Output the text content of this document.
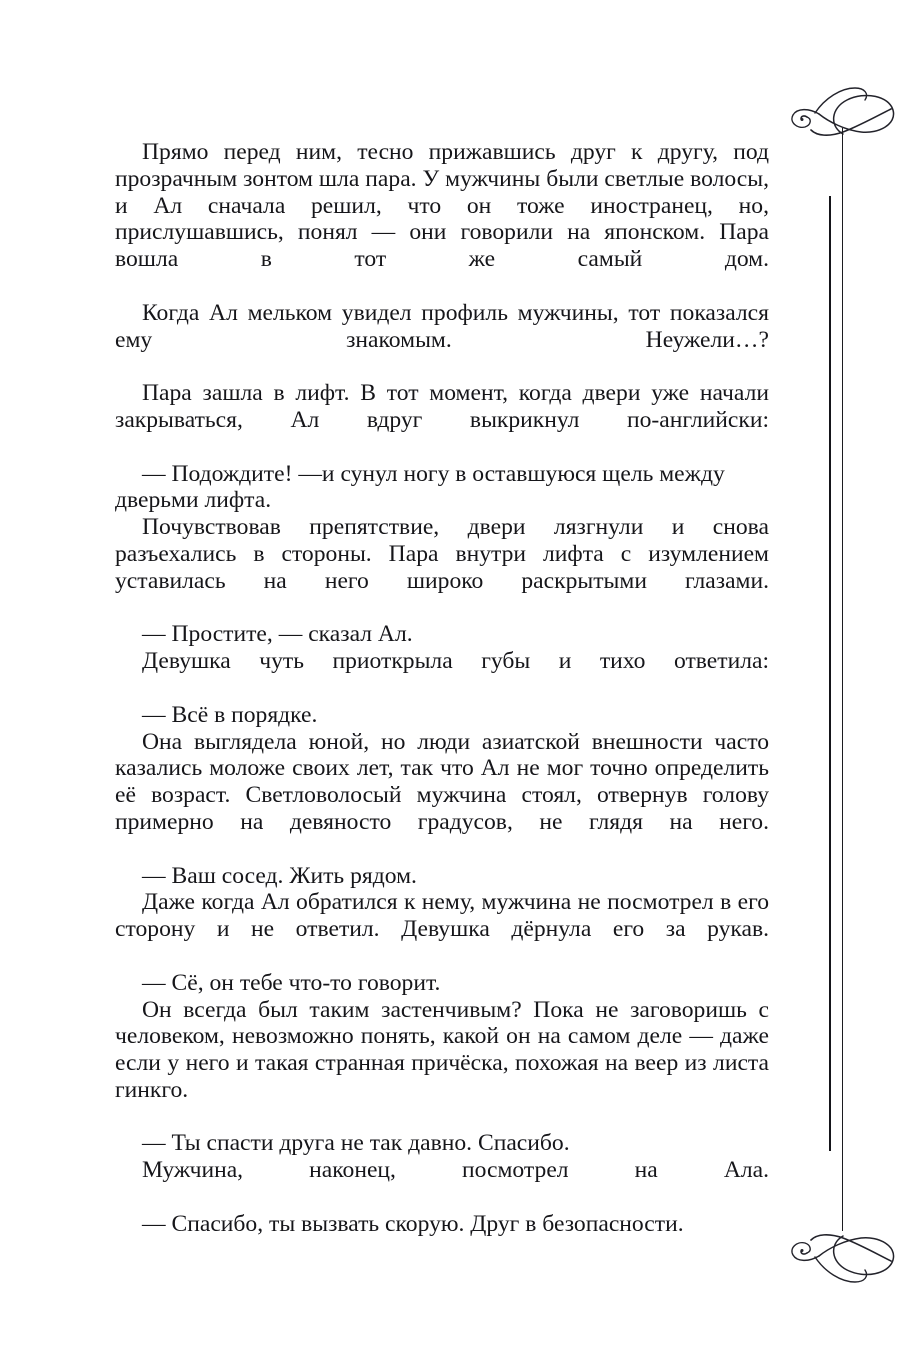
Прямо перед ним, тесно прижавшись друг к другу, под прозрачным зонтом шла пара. У мужчины были светлые волосы, и Ал сначала решил, что он тоже иностранец, но, прислушавшись, понял — они говорили на японском. Пара вошла в тот же самый дом.

Когда Ал мельком увидел профиль мужчины, тот показался ему знакомым. Неужели…?

Пара зашла в лифт. В тот момент, когда двери уже начали закрываться, Ал вдруг выкрикнул по-английски:

— Подождите! —и сунул ногу в оставшуюся щель между дверьми лифта.

Почувствовав препятствие, двери лязгнули и снова разъехались в стороны. Пара внутри лифта с изумлением уставилась на него широко раскрытыми глазами.

— Простите, — сказал Ал.

Девушка чуть приоткрыла губы и тихо ответила:

— Всё в порядке.

Она выглядела юной, но люди азиатской внешности часто казались моложе своих лет, так что Ал не мог точно определить её возраст. Светловолосый мужчина стоял, отвернув голову примерно на девяносто градусов, не глядя на него.

— Ваш сосед. Жить рядом.

Даже когда Ал обратился к нему, мужчина не посмотрел в его сторону и не ответил. Девушка дёрнула его за рукав.

— Сё, он тебе что-то говорит.

Он всегда был таким застенчивым? Пока не заговоришь с человеком, невозможно понять, какой он на самом деле — даже если у него и такая странная причёска, похожая на веер из листа гинкго.

— Ты спасти друга не так давно. Спасибо.

Мужчина, наконец, посмотрел на Ала.

— Спасибо, ты вызвать скорую. Друг в безопасности.
